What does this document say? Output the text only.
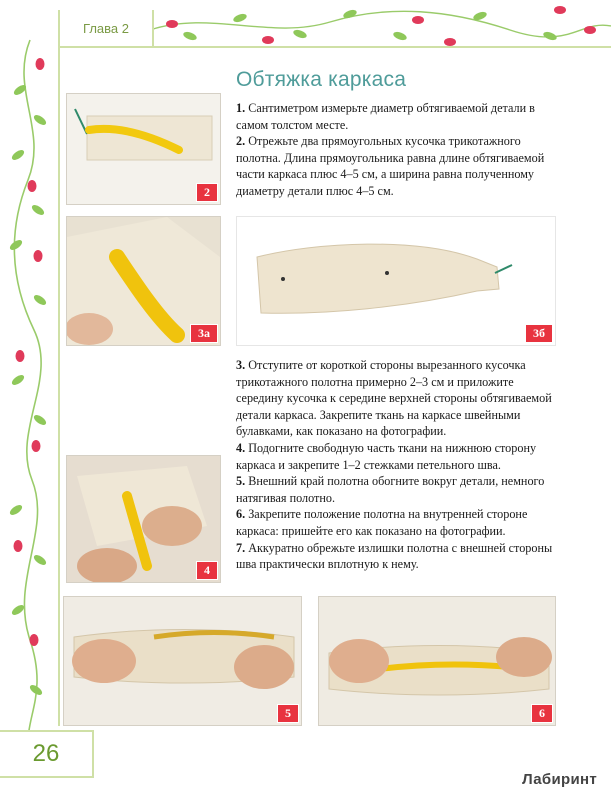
Глава 2
Обтяжка каркаса

1. Сантиметром измерьте диаметр обтягиваемой детали в самом толстом месте.

2. Отрежьте два прямоугольных кусочка трикотажного полотна. Длина прямоугольника равна длине обтягиваемой части каркаса плюс 4–5 см, а ширина равна полученному диаметру детали плюс 4–5 см.

2
3а	3б

3. Отступите от короткой стороны вырезанного кусочка трикотажного полотна примерно 2–3 см и приложите середину кусочка к середине верхней стороны обтягиваемой детали каркаса. Закрепите ткань на каркасе швейными булавками, как показано на фотографии.

4. Подогните свободную часть ткани на нижнюю сторону каркаса и закрепите 1–2 стежками петельного шва.

5. Внешний край полотна обогните вокруг детали, немного натягивая полотно.

6. Закрепите положение полотна на внутренней стороне каркаса: пришейте его как показано на фотографии.

7. Аккуратно обрежьте излишки полотна с внешней стороны шва практически вплотную к нему.

4
5	6
26
Лабиринт
